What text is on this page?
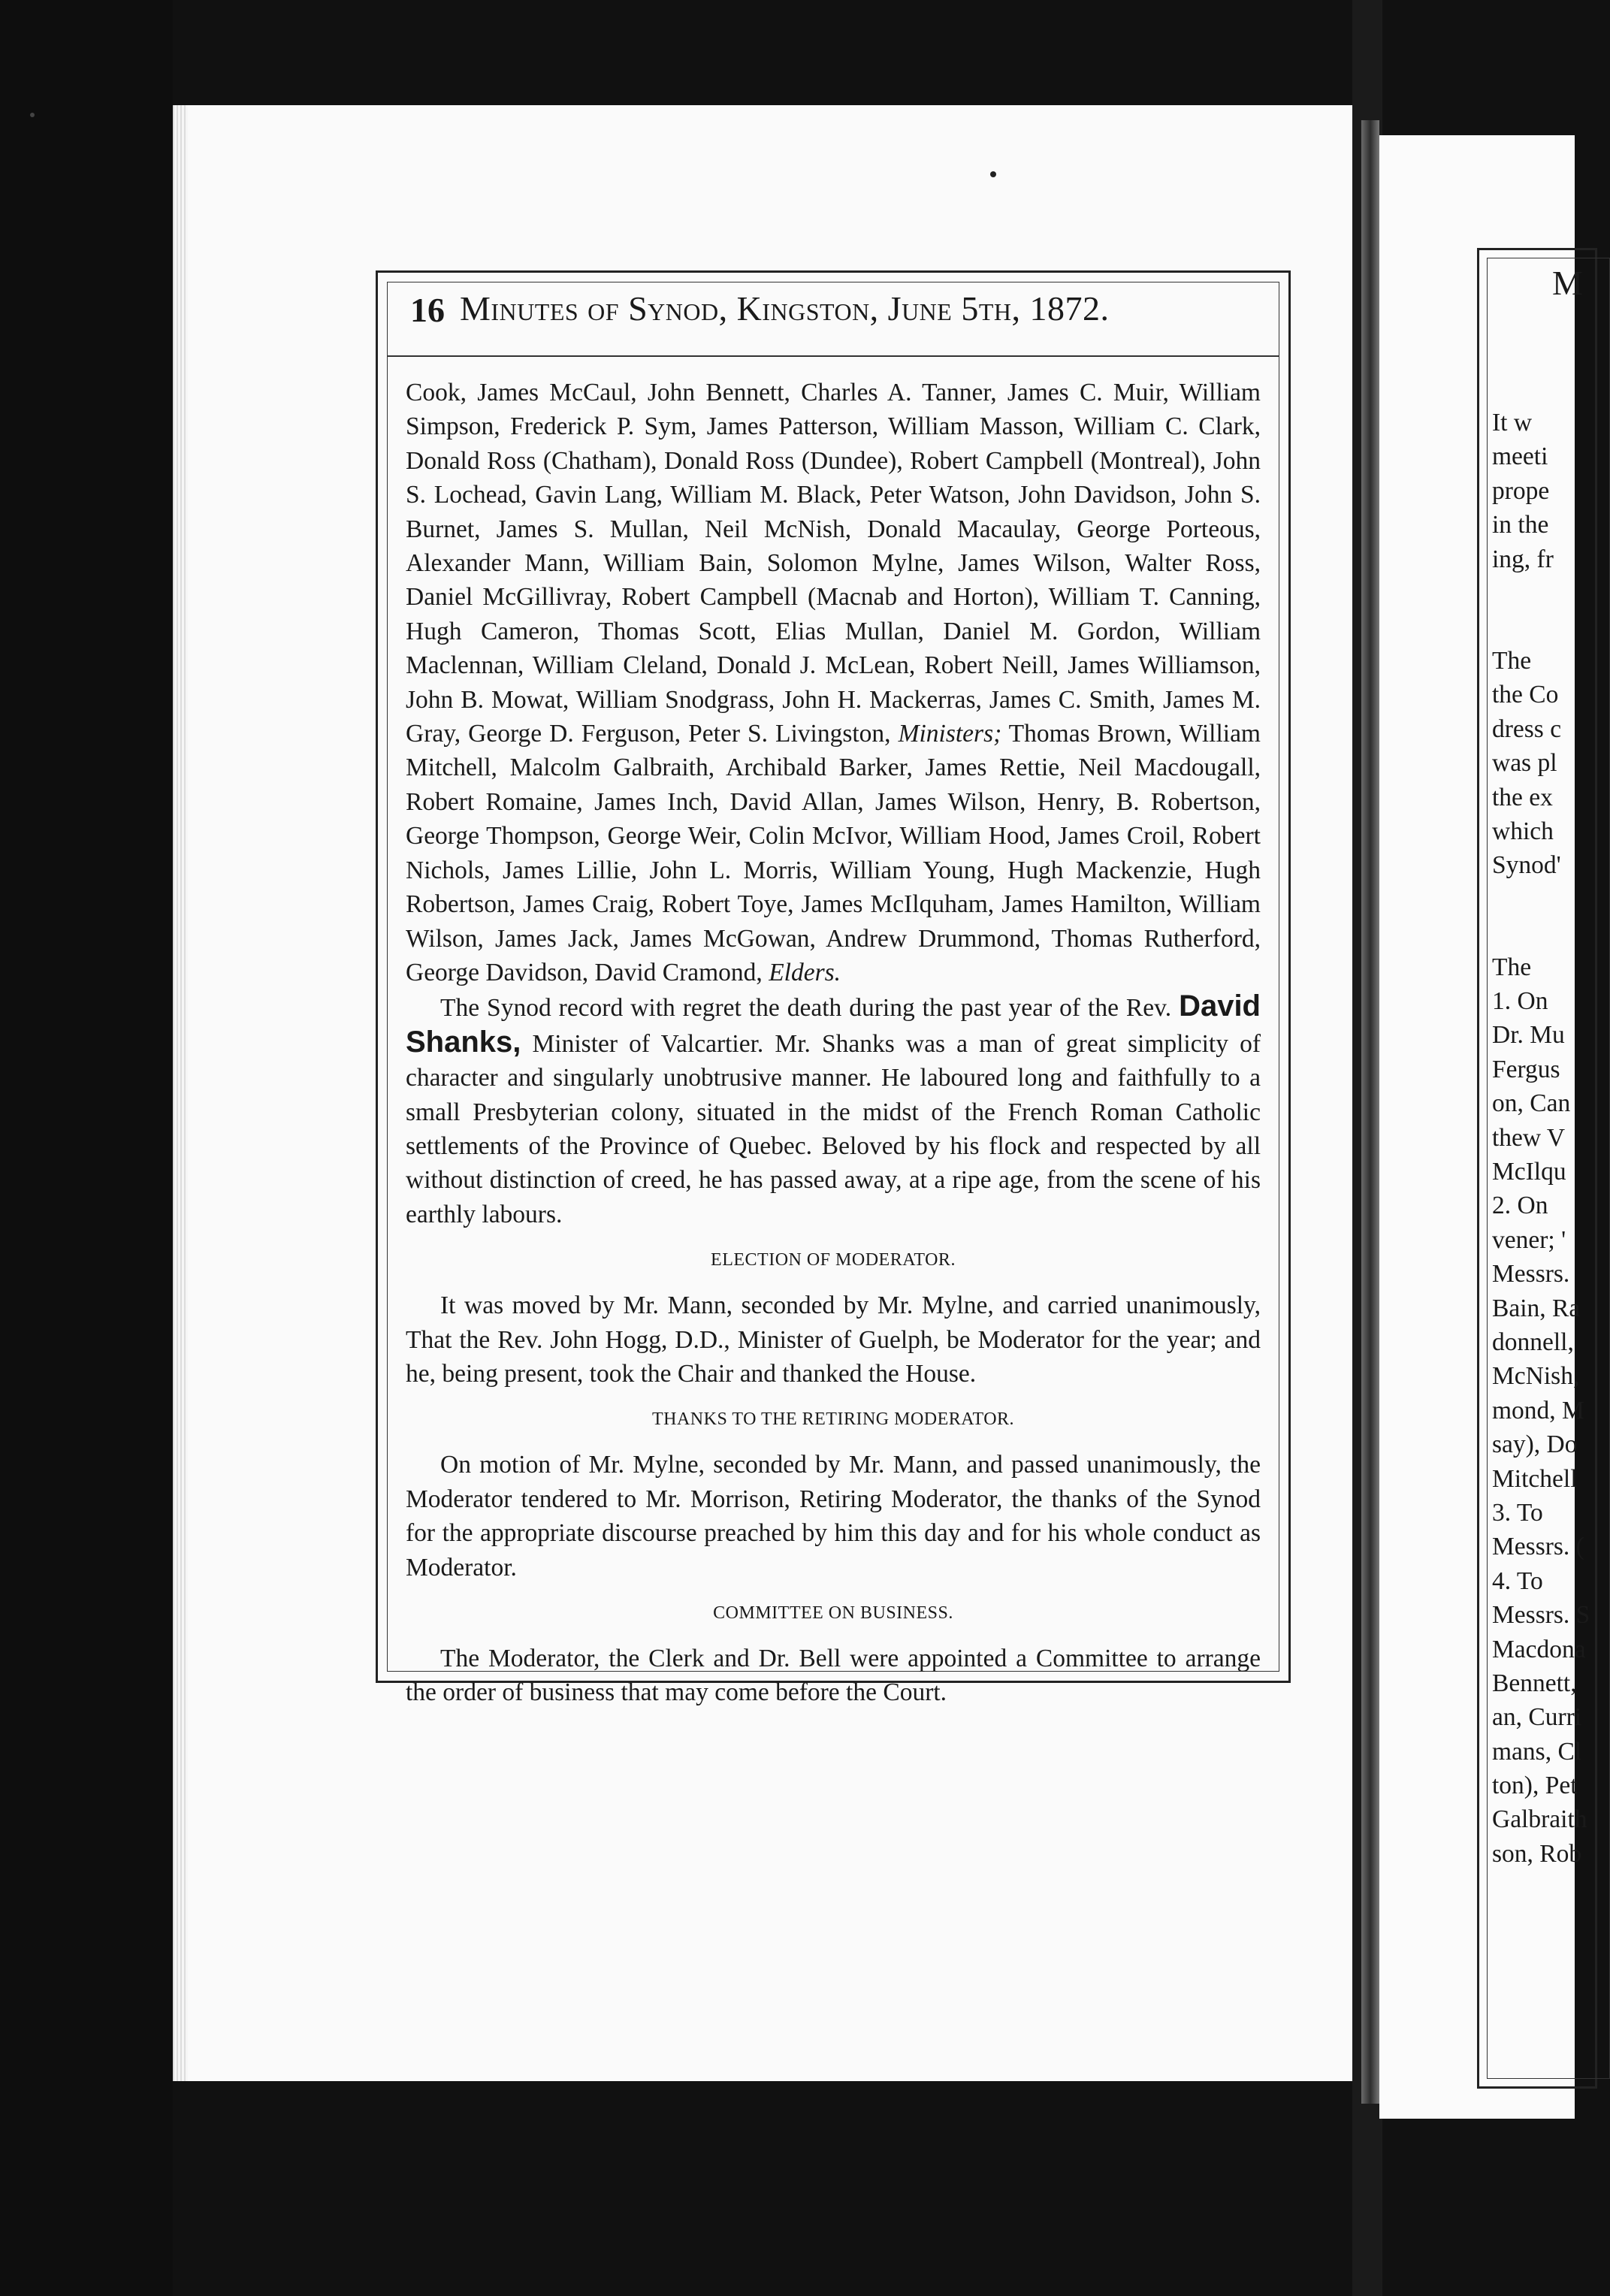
16 Minutes of Synod, Kingston, June 5th, 1872.

Cook, James McCaul, John Bennett, Charles A. Tanner, James C. Muir, William Simpson, Frederick P. Sym, James Patterson, William Masson, William C. Clark, Donald Ross (Chatham), Donald Ross (Dundee), Robert Campbell (Montreal), John S. Lochead, Gavin Lang, William M. Black, Peter Watson, John Davidson, John S. Burnet, James S. Mullan, Neil McNish, Donald Macaulay, George Porteous, Alexander Mann, William Bain, Solomon Mylne, James Wilson, Walter Ross, Daniel McGillivray, Robert Campbell (Macnab and Horton), William T. Canning, Hugh Cameron, Thomas Scott, Elias Mullan, Daniel M. Gordon, William Maclennan, William Cleland, Donald J. McLean, Robert Neill, James Williamson, John B. Mowat, William Snodgrass, John H. Mackerras, James C. Smith, James M. Gray, George D. Ferguson, Peter S. Livingston, Ministers; Thomas Brown, William Mitchell, Malcolm Galbraith, Archibald Barker, James Rettie, Neil Macdougall, Robert Romaine, James Inch, David Allan, James Wilson, Henry, B. Robertson, George Thompson, George Weir, Colin McIvor, William Hood, James Croil, Robert Nichols, James Lillie, John L. Morris, William Young, Hugh Mackenzie, Hugh Robertson, James Craig, Robert Toye, James McIlquham, James Hamilton, William Wilson, James Jack, James McGowan, Andrew Drummond, Thomas Rutherford, George Davidson, David Cramond, Elders.

The Synod record with regret the death during the past year of the Rev. David Shanks, Minister of Valcartier. Mr. Shanks was a man of great simplicity of character and singularly unobtrusive manner. He laboured long and faithfully to a small Presbyterian colony, situated in the midst of the French Roman Catholic settlements of the Province of Quebec. Beloved by his flock and respected by all without distinction of creed, he has passed away, at a ripe age, from the scene of his earthly labours.

ELECTION OF MODERATOR.

It was moved by Mr. Mann, seconded by Mr. Mylne, and carried unanimously, That the Rev. John Hogg, D.D., Minister of Guelph, be Moderator for the year; and he, being present, took the Chair and thanked the House.

THANKS TO THE RETIRING MODERATOR.

On motion of Mr. Mylne, seconded by Mr. Mann, and passed unanimously, the Moderator tendered to Mr. Morrison, Retiring Moderator, the thanks of the Synod for the appropriate discourse preached by him this day and for his whole conduct as Moderator.

COMMITTEE ON BUSINESS.

The Moderator, the Clerk and Dr. Bell were appointed a Committee to arrange the order of business that may come before the Court.

M
It w
meeti
prope
in the
ing, fr
The
the Co
dress c
was pl
the ex
which
Synod'
The
1. On
Dr. Mu
Fergus
on, Can
thew V
McIlqu
2. On
vener; '
Messrs.
Bain, Ra
donnell,
McNish,
mond, M
say), Do
Mitchell
3. To
Messrs. (
4. To
Messrs. S
Macdona
Bennett,
an, Curri
mans, Cl
ton), Pet
Galbraith
son, Rob
